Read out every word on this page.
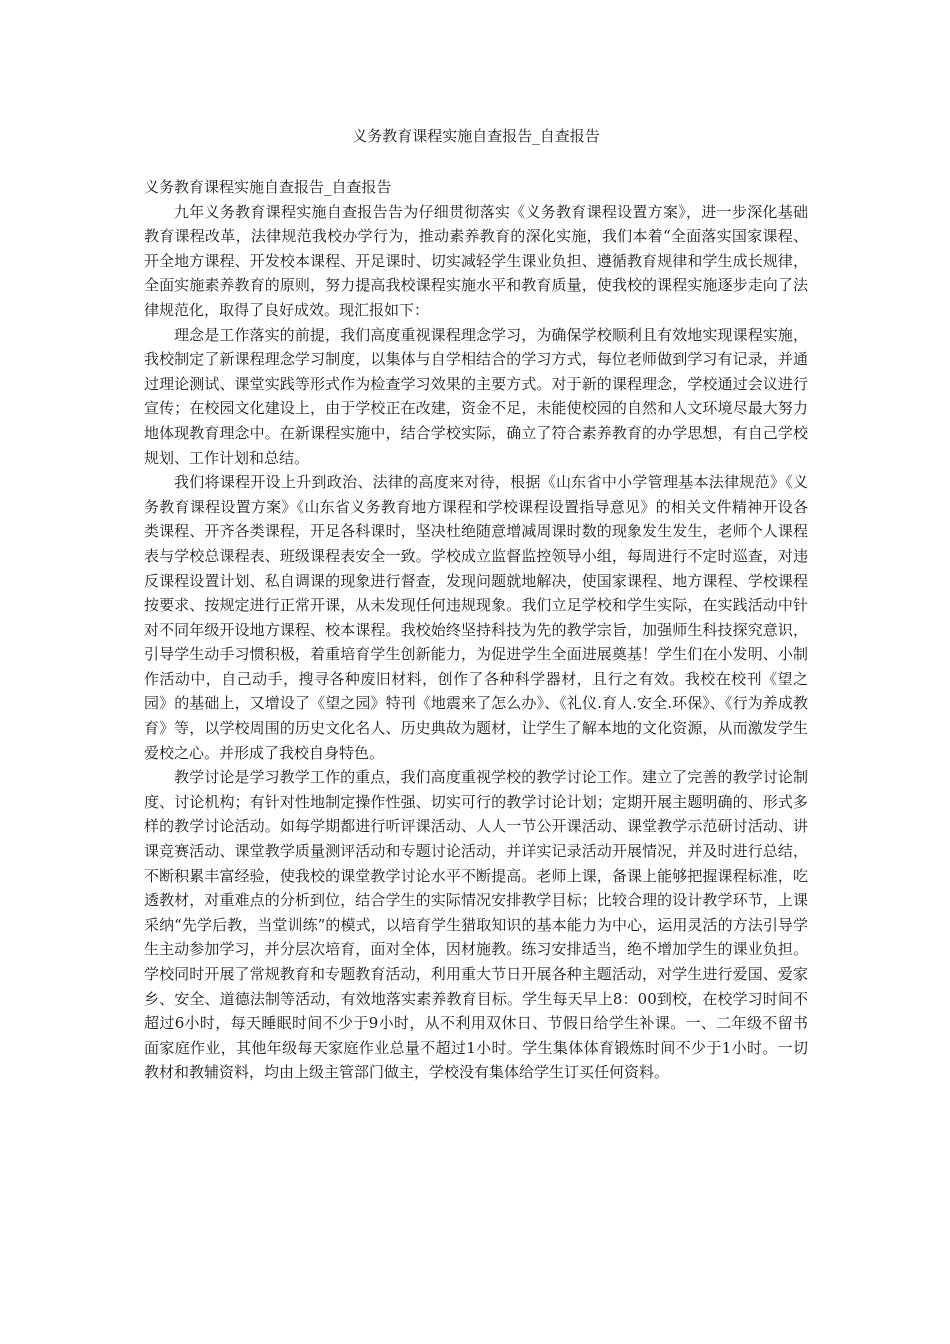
义务教育课程实施自查报告_自查报告

义务教育课程实施自查报告_自查报告

九年义务教育课程实施自查报告告为仔细贯彻落实《义务教育课程设置方案》，进一步深化基础教育课程改革，法律规范我校办学行为，推动素养教育的深化实施，我们本着“全面落实国家课程、开全地方课程、开发校本课程、开足课时、切实减轻学生课业负担、遵循教育规律和学生成长规律，全面实施素养教育的原则，努力提高我校课程实施水平和教育质量，使我校的课程实施逐步走向了法律规范化，取得了良好成效。现汇报如下：

理念是工作落实的前提，我们高度重视课程理念学习，为确保学校顺利且有效地实现课程实施，我校制定了新课程理念学习制度，以集体与自学相结合的学习方式，每位老师做到学习有记录，并通过理论测试、课堂实践等形式作为检查学习效果的主要方式。对于新的课程理念，学校通过会议进行宣传；在校园文化建设上，由于学校正在改建，资金不足，未能使校园的自然和人文环境尽最大努力地体现教育理念中。在新课程实施中，结合学校实际，确立了符合素养教育的办学思想，有自己学校规划、工作计划和总结。

我们将课程开设上升到政治、法律的高度来对待，根据《山东省中小学管理基本法律规范》《义务教育课程设置方案》《山东省义务教育地方课程和学校课程设置指导意见》的相关文件精神开设各类课程、开齐各类课程，开足各科课时，坚决杜绝随意增减周课时数的现象发生发生，老师个人课程表与学校总课程表、班级课程表安全一致。学校成立监督监控领导小组，每周进行不定时巡查，对违反课程设置计划、私自调课的现象进行督查，发现问题就地解决，使国家课程、地方课程、学校课程按要求、按规定进行正常开课，从未发现任何违规现象。我们立足学校和学生实际，在实践活动中针对不同年级开设地方课程、校本课程。我校始终坚持科技为先的教学宗旨，加强师生科技探究意识，引导学生动手习惯积极，着重培育学生创新能力，为促进学生全面进展奠基！学生们在小发明、小制作活动中，自己动手，搜寻各种废旧材料，创作了各种科学器材，且行之有效。我校在校刊《望之园》的基础上，又增设了《望之园》特刊《地震来了怎么办》、《礼仪.育人.安全.环保》、《行为养成教育》等，以学校周围的历史文化名人、历史典故为题材，让学生了解本地的文化资源，从而激发学生爱校之心。并形成了我校自身特色。

教学讨论是学习教学工作的重点，我们高度重视学校的教学讨论工作。建立了完善的教学讨论制度、讨论机构；有针对性地制定操作性强、切实可行的教学讨论计划；定期开展主题明确的、形式多样的教学讨论活动。如每学期都进行听评课活动、人人一节公开课活动、课堂教学示范研讨活动、讲课竞赛活动、课堂教学质量测评活动和专题讨论活动，并详实记录活动开展情况，并及时进行总结，不断积累丰富经验，使我校的课堂教学讨论水平不断提高。老师上课，备课上能够把握课程标准，吃透教材，对重难点的分析到位，结合学生的实际情况安排教学目标；比较合理的设计教学环节，上课采纳“先学后教，当堂训练”的模式，以培育学生猎取知识的基本能力为中心，运用灵活的方法引导学生主动参加学习，并分层次培育，面对全体，因材施教。练习安排适当，绝不增加学生的课业负担。学校同时开展了常规教育和专题教育活动，利用重大节日开展各种主题活动，对学生进行爱国、爱家乡、安全、道德法制等活动，有效地落实素养教育目标。学生每天早上8：00到校，在校学习时间不超过6小时，每天睡眠时间不少于9小时，从不利用双休日、节假日给学生补课。一、二年级不留书面家庭作业，其他年级每天家庭作业总量不超过1小时。学生集体体育锻炼时间不少于1小时。一切教材和教辅资料，均由上级主管部门做主，学校没有集体给学生订买任何资料。
